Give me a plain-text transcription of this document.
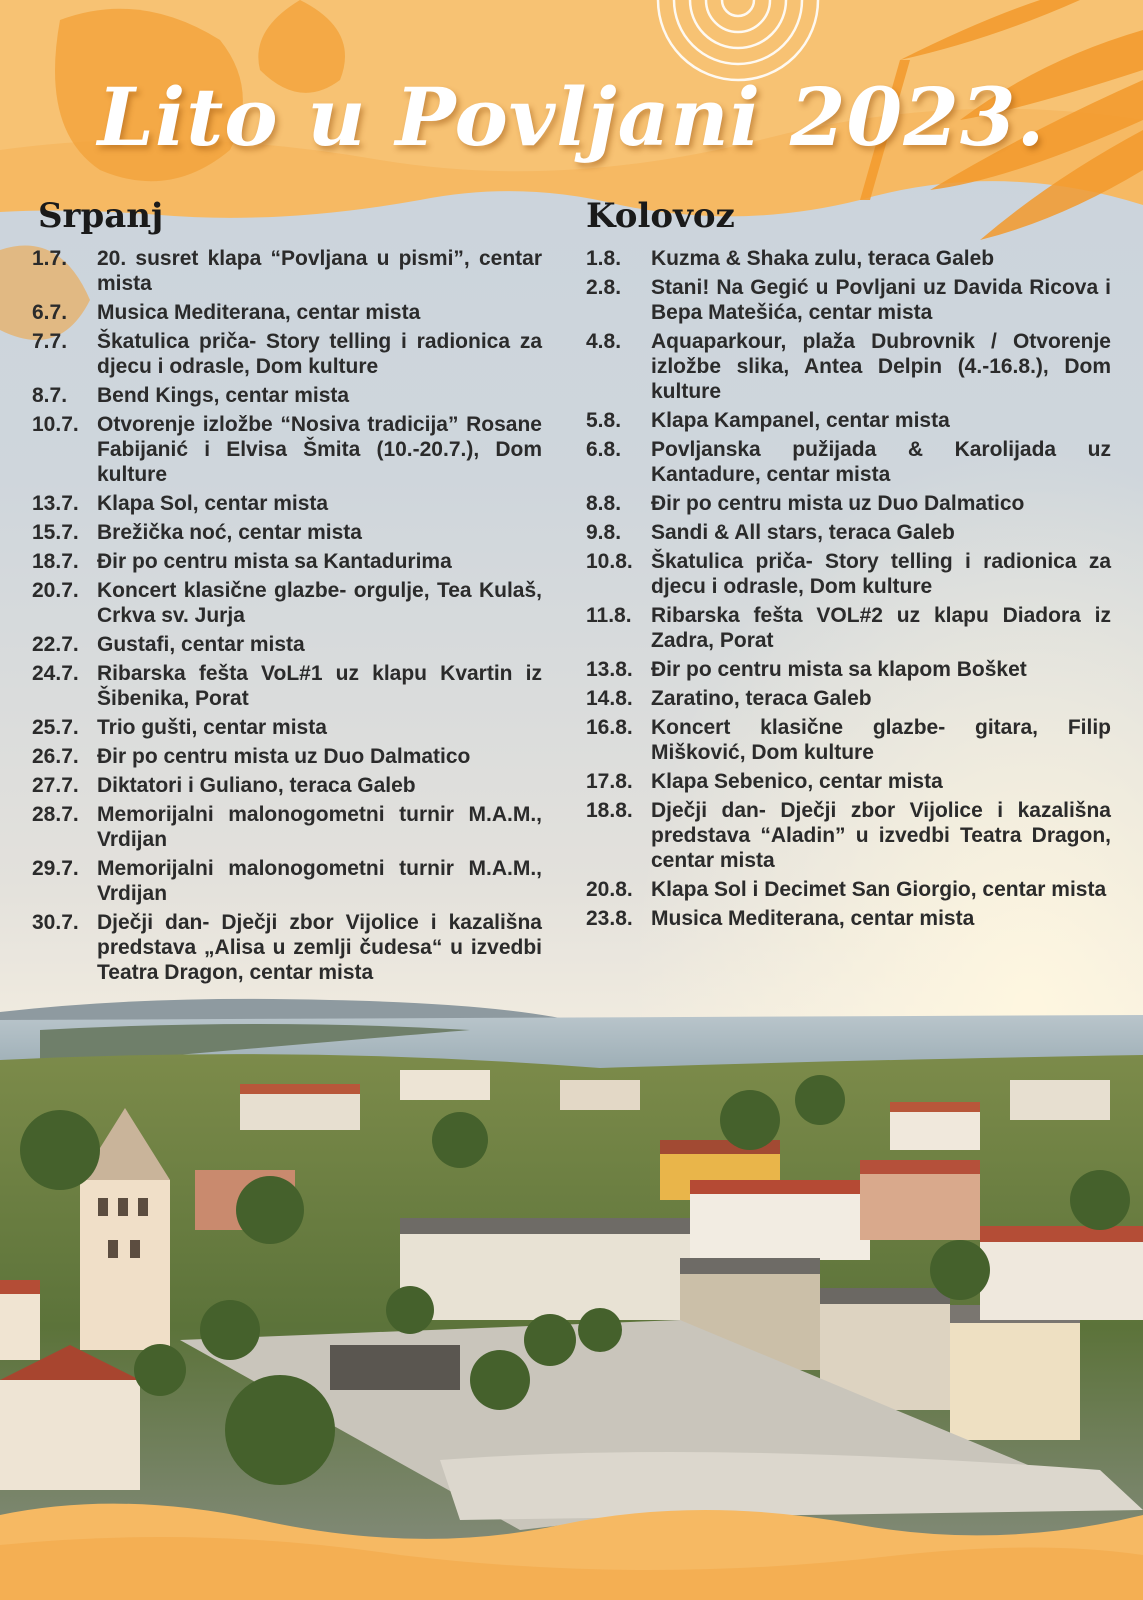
Lito u Povljani 2023.
Srpanj	Kolovoz
1.7.	20. susret klapa “Povljana u pismi”, centar mista
6.7.	Musica Mediterana, centar mista
7.7.	Škatulica priča- Story telling i radionica za djecu i odrasle, Dom kulture
8.7.	Bend Kings, centar mista
10.7. Otvorenje izložbe “Nosiva tradicija” Rosane Fabijanić i Elvisa Šmita (10.-20.7.), Dom kulture
13.7. Klapa Sol, centar mista
15.7. Brežička noć, centar mista
18.7. Đir po centru mista sa Kantadurima
20.7. Koncert klasične glazbe- orgulje, Tea Kulaš, Crkva sv. Jurja
22.7. Gustafi, centar mista
24.7. Ribarska fešta VoL#1 uz klapu Kvartin iz Šibenika, Porat
25.7. Trio gušti, centar mista
26.7. Đir po centru mista uz Duo Dalmatico
27.7. Diktatori i Guliano, teraca Galeb
28.7. Memorijalni malonogometni turnir M.A.M., Vrdijan
29.7. Memorijalni malonogometni turnir M.A.M., Vrdijan
30.7. Dječji dan- Dječji zbor Vijolice i kazališna predstava „Alisa u zemlji čudesa“ u izvedbi Teatra Dragon, centar mista
1.8.	Kuzma & Shaka zulu, teraca Galeb
2.8.	Stani! Na Gegić u Povljani uz Davida Ricova i Bepa Matešića, centar mista
4.8.	Aquaparkour, plaža Dubrovnik / Otvorenje izložbe slika, Antea Delpin (4.-16.8.), Dom kulture
5.8.	Klapa Kampanel, centar mista
6.8.	Povljanska pužijada & Karolijada uz Kantadure, centar mista
8.8.	Đir po centru mista uz Duo Dalmatico
9.8.	Sandi & All stars, teraca Galeb
10.8. Škatulica priča- Story telling i radionica za djecu i odrasle, Dom kulture
11.8. Ribarska fešta VOL#2 uz klapu Diadora iz Zadra, Porat
13.8. Đir po centru mista sa klapom Bošket
14.8. Zaratino, teraca Galeb
16.8. Koncert klasične glazbe- gitara, Filip Mišković, Dom kulture
17.8. Klapa Sebenico, centar mista
18.8. Dječji dan- Dječji zbor Vijolice i kazališna predstava “Aladin” u izvedbi Teatra Dragon, centar mista
20.8. Klapa Sol i Decimet San Giorgio, centar mista
23.8. Musica Mediterana, centar mista
